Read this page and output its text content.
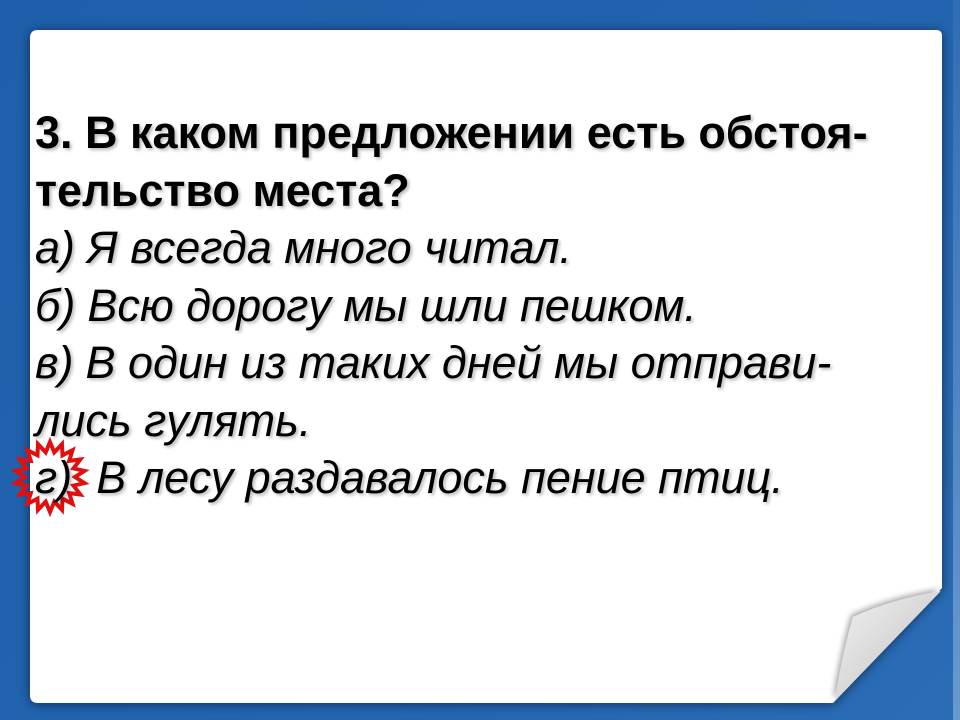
3. В каком предложении есть обстоя-
тельство места?
а) Я всегда много читал.
б) Всю дорогу мы шли пешком.
в) В один из таких дней мы отправи-
лись гулять.
г) В лесу раздавалось пение птиц.
